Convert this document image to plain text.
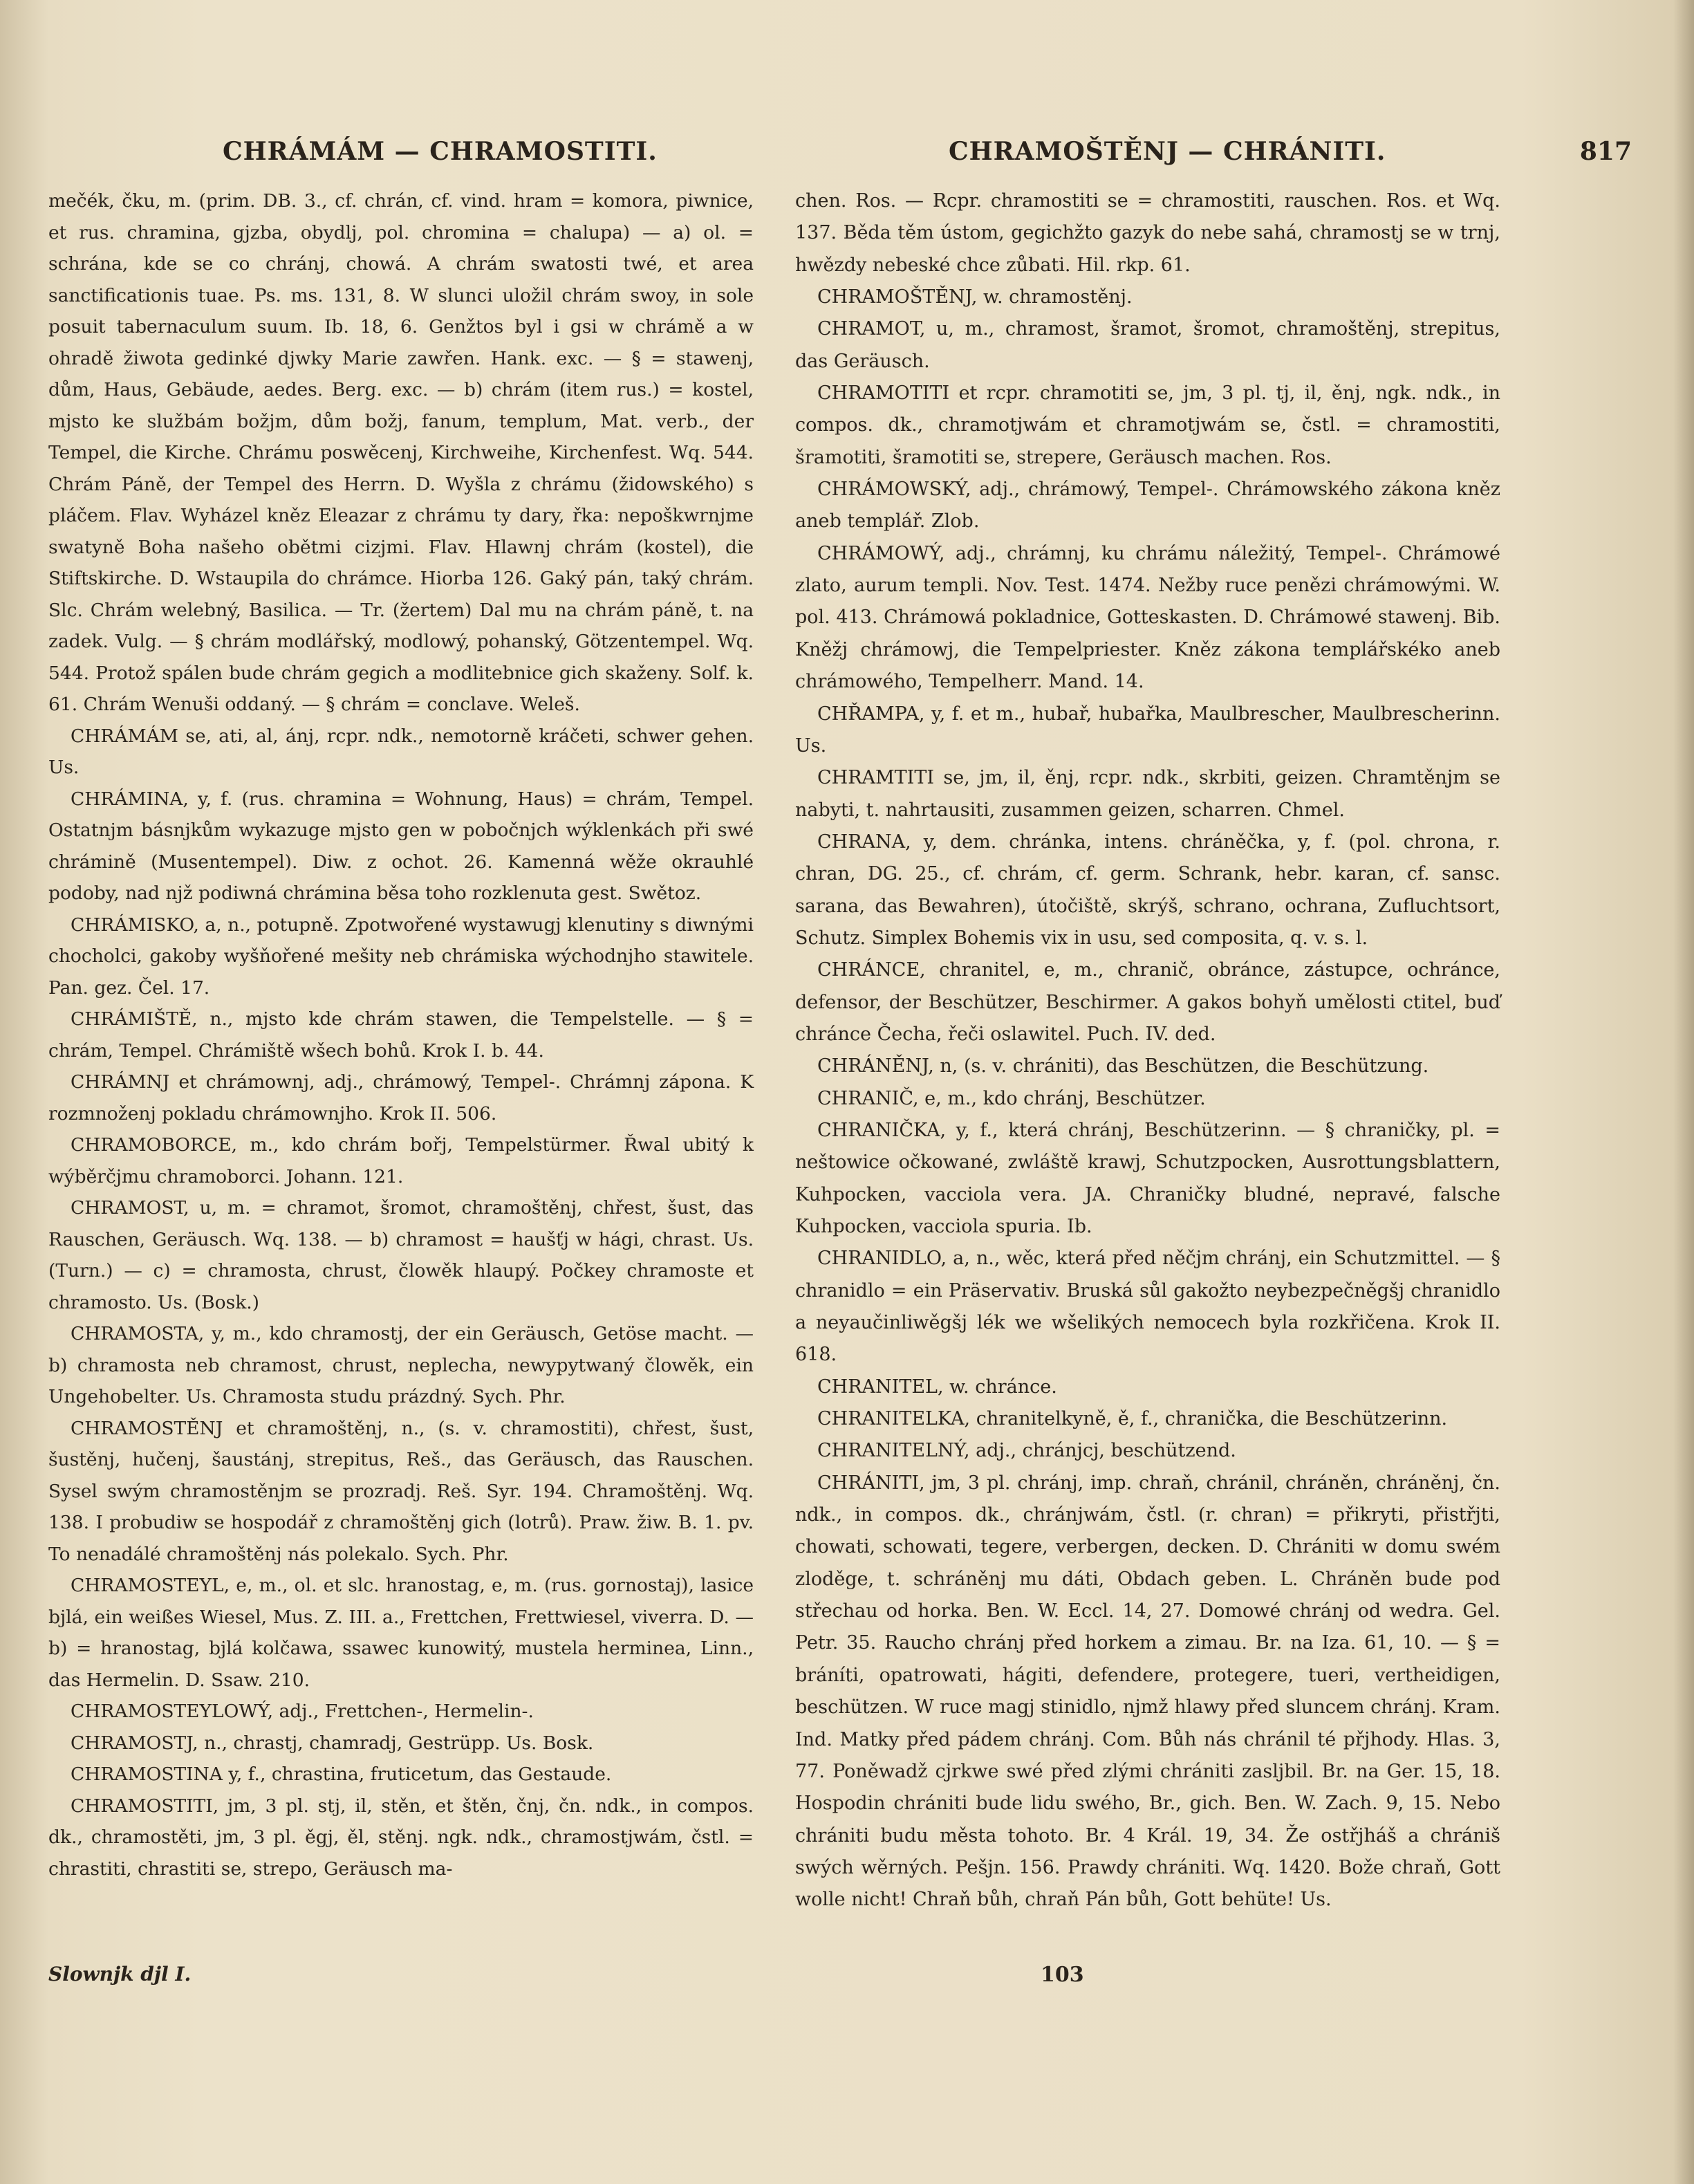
CHRÁMÁM — CHRAMOSTITI.	CHRAMOŠTĚNJ — CHRÁNITI.	817

mečék, čku, m. (prim. DB. 3., cf. chrán, cf. vind. hram = komora, piwnice, et rus. chramina, gjzba, obydlj, pol. chromina = chalupa) — a) ol. = schrána, kde se co chránj, chowá. A chrám swatosti twé, et area sanctificationis tuae. Ps. ms. 131, 8. W slunci uložil chrám swoy, in sole posuit tabernaculum suum. Ib. 18, 6. Genžtos byl i gsi w chrámě a w ohradě žiwota gedinké djwky Marie zawřen. Hank. exc. — § = stawenj, dům, Haus, Gebäude, aedes. Berg. exc. — b) chrám (item rus.) = kostel, mjsto ke službám božjm, dům božj, fanum, templum, Mat. verb., der Tempel, die Kirche. Chrámu poswěcenj, Kirchweihe, Kirchenfest. Wq. 544. Chrám Páně, der Tempel des Herrn. D. Wyšla z chrámu (židowského) s pláčem. Flav. Wyházel kněz Eleazar z chrámu ty dary, řka: nepoškwrnjme swatyně Boha našeho obětmi cizjmi. Flav. Hlawnj chrám (kostel), die Stiftskirche. D. Wstaupila do chrámce. Hiorba 126. Gaký pán, taký chrám. Slc. Chrám welebný, Basilica. — Tr. (žertem) Dal mu na chrám páně, t. na zadek. Vulg. — § chrám modlářský, modlowý, pohanský, Götzentempel. Wq. 544. Protož spálen bude chrám gegich a modlitebnice gich skaženy. Solf. k. 61. Chrám Wenuši oddaný. — § chrám = conclave. Weleš.

CHRÁMÁM se, ati, al, ánj, rcpr. ndk., nemotorně kráčeti, schwer gehen. Us.

CHRÁMINA, y, f. (rus. chramina = Wohnung, Haus) = chrám, Tempel. Ostatnjm básnjkům wykazuge mjsto gen w pobočnjch wýklenkách při swé chrámině (Musentempel). Diw. z ochot. 26. Kamenná wěže okrauhlé podoby, nad njž podiwná chrámina běsa toho rozklenuta gest. Swětoz.

CHRÁMISKO, a, n., potupně. Zpotwořené wystawugj klenutiny s diwnými chocholci, gakoby wyšňořené mešity neb chrámiska wýchodnjho stawitele. Pan. gez. Čel. 17.

CHRÁMIŠTĚ, n., mjsto kde chrám stawen, die Tempelstelle. — § = chrám, Tempel. Chrámiště wšech bohů. Krok I. b. 44.

CHRÁMNJ et chrámownj, adj., chrámowý, Tempel-. Chrámnj zápona. K rozmnoženj pokladu chrámownjho. Krok II. 506.

CHRAMOBORCE, m., kdo chrám bořj, Tempelstürmer. Řwal ubitý k wýběrčjmu chramoborci. Johann. 121.

CHRAMOST, u, m. = chramot, šromot, chramoštěnj, chřest, šust, das Rauschen, Geräusch. Wq. 138. — b) chramost = haušťj w hági, chrast. Us. (Turn.) — c) = chramosta, chrust, člowěk hlaupý. Počkey chramoste et chramosto. Us. (Bosk.)

CHRAMOSTA, y, m., kdo chramostj, der ein Geräusch, Getöse macht. — b) chramosta neb chramost, chrust, neplecha, newypytwaný člowěk, ein Ungehobelter. Us. Chramosta studu prázdný. Sych. Phr.

CHRAMOSTĚNJ et chramoštěnj, n., (s. v. chramostiti), chřest, šust, šustěnj, hučenj, šaustánj, strepitus, Reš., das Geräusch, das Rauschen. Sysel swým chramostěnjm se prozradj. Reš. Syr. 194. Chramoštěnj. Wq. 138. I probudiw se hospodář z chramoštěnj gich (lotrů). Praw. žiw. B. 1. pv. To nenadálé chramoštěnj nás polekalo. Sych. Phr.

CHRAMOSTEYL, e, m., ol. et slc. hranostag, e, m. (rus. gornostaj), lasice bjlá, ein weißes Wiesel, Mus. Z. III. a., Frettchen, Frettwiesel, viverra. D. — b) = hranostag, bjlá kolčawa, ssawec kunowitý, mustela herminea, Linn., das Hermelin. D. Ssaw. 210.

CHRAMOSTEYLOWÝ, adj., Frettchen-, Hermelin-.

CHRAMOSTJ, n., chrastj, chamradj, Gestrüpp. Us. Bosk.

CHRAMOSTINA y, f., chrastina, fruticetum, das Gestaude.

CHRAMOSTITI, jm, 3 pl. stj, il, stěn, et štěn, čnj, čn. ndk., in compos. dk., chramostěti, jm, 3 pl. ěgj, ěl, stěnj. ngk. ndk., chramostjwám, čstl. = chrastiti, chrastiti se, strepo, Geräusch ma-

chen. Ros. — Rcpr. chramostiti se = chramostiti, rauschen. Ros. et Wq. 137. Běda těm ústom, gegichžto gazyk do nebe sahá, chramostj se w trnj, hwězdy nebeské chce zůbati. Hil. rkp. 61.

CHRAMOŠTĚNJ, w. chramostěnj.

CHRAMOT, u, m., chramost, šramot, šromot, chramoštěnj, strepitus, das Geräusch.

CHRAMOTITI et rcpr. chramotiti se, jm, 3 pl. tj, il, ěnj, ngk. ndk., in compos. dk., chramotjwám et chramotjwám se, čstl. = chramostiti, šramotiti, šramotiti se, strepere, Geräusch machen. Ros.

CHRÁMOWSKÝ, adj., chrámowý, Tempel-. Chrámowského zákona kněz aneb templář. Zlob.

CHRÁMOWÝ, adj., chrámnj, ku chrámu náležitý, Tempel-. Chrámowé zlato, aurum templi. Nov. Test. 1474. Nežby ruce penězi chrámowými. W. pol. 413. Chrámowá pokladnice, Gotteskasten. D. Chrámowé stawenj. Bib. Kněžj chrámowj, die Tempelpriester. Kněz zákona templářskéko aneb chrámowého, Tempelherr. Mand. 14.

CHŘAMPA, y, f. et m., hubař, hubařka, Maulbrescher, Maulbrescherinn. Us.

CHRAMTITI se, jm, il, ěnj, rcpr. ndk., skrbiti, geizen. Chramtěnjm se nabyti, t. nahrtausiti, zusammen geizen, scharren. Chmel.

CHRANA, y, dem. chránka, intens. chráněčka, y, f. (pol. chrona, r. chran, DG. 25., cf. chrám, cf. germ. Schrank, hebr. karan, cf. sansc. sarana, das Bewahren), útočiště, skrýš, schrano, ochrana, Zufluchtsort, Schutz. Simplex Bohemis vix in usu, sed composita, q. v. s. l.

CHRÁNCE, chranitel, e, m., chranič, obránce, zástupce, ochránce, defensor, der Beschützer, Beschirmer. A gakos bohyň umělosti ctitel, buď chránce Čecha, řeči oslawitel. Puch. IV. ded.

CHRÁNĚNJ, n, (s. v. chrániti), das Beschützen, die Beschützung.

CHRANIČ, e, m., kdo chránj, Beschützer.

CHRANIČKA, y, f., která chránj, Beschützerinn. — § chraničky, pl. = neštowice očkowané, zwláště krawj, Schutzpocken, Ausrottungsblattern, Kuhpocken, vacciola vera. JA. Chraničky bludné, nepravé, falsche Kuhpocken, vacciola spuria. Ib.

CHRANIDLO, a, n., wěc, která před něčjm chránj, ein Schutzmittel. — § chranidlo = ein Präservativ. Bruská sůl gakožto neybezpečněgšj chranidlo a neyaučinliwěgšj lék we wšelikých nemocech byla rozkřičena. Krok II. 618.

CHRANITEL, w. chránce.

CHRANITELKA, chranitelkyně, ě, f., chranička, die Beschützerinn.

CHRANITELNÝ, adj., chránjcj, beschützend.

CHRÁNITI, jm, 3 pl. chránj, imp. chraň, chránil, chráněn, chráněnj, čn. ndk., in compos. dk., chránjwám, čstl. (r. chran) = přikryti, přistřjti, chowati, schowati, tegere, verbergen, decken. D. Chrániti w domu swém zloděge, t. schráněnj mu dáti, Obdach geben. L. Chráněn bude pod střechau od horka. Ben. W. Eccl. 14, 27. Domowé chránj od wedra. Gel. Petr. 35. Raucho chránj před horkem a zimau. Br. na Iza. 61, 10. — § = bráníti, opatrowati, hágiti, defendere, protegere, tueri, vertheidigen, beschützen. W ruce magj stinidlo, njmž hlawy před sluncem chránj. Kram. Ind. Matky před pádem chránj. Com. Bůh nás chránil té přjhody. Hlas. 3, 77. Poněwadž cjrkwe swé před zlými chrániti zasljbil. Br. na Ger. 15, 18. Hospodin chrániti bude lidu swého, Br., gich. Ben. W. Zach. 9, 15. Nebo chrániti budu města tohoto. Br. 4 Král. 19, 34. Že ostřjháš a chrániš swých wěrných. Pešjn. 156. Prawdy chrániti. Wq. 1420. Bože chraň, Gott wolle nicht! Chraň bůh, chraň Pán bůh, Gott behüte! Us.

Slownjk djl I.	103
